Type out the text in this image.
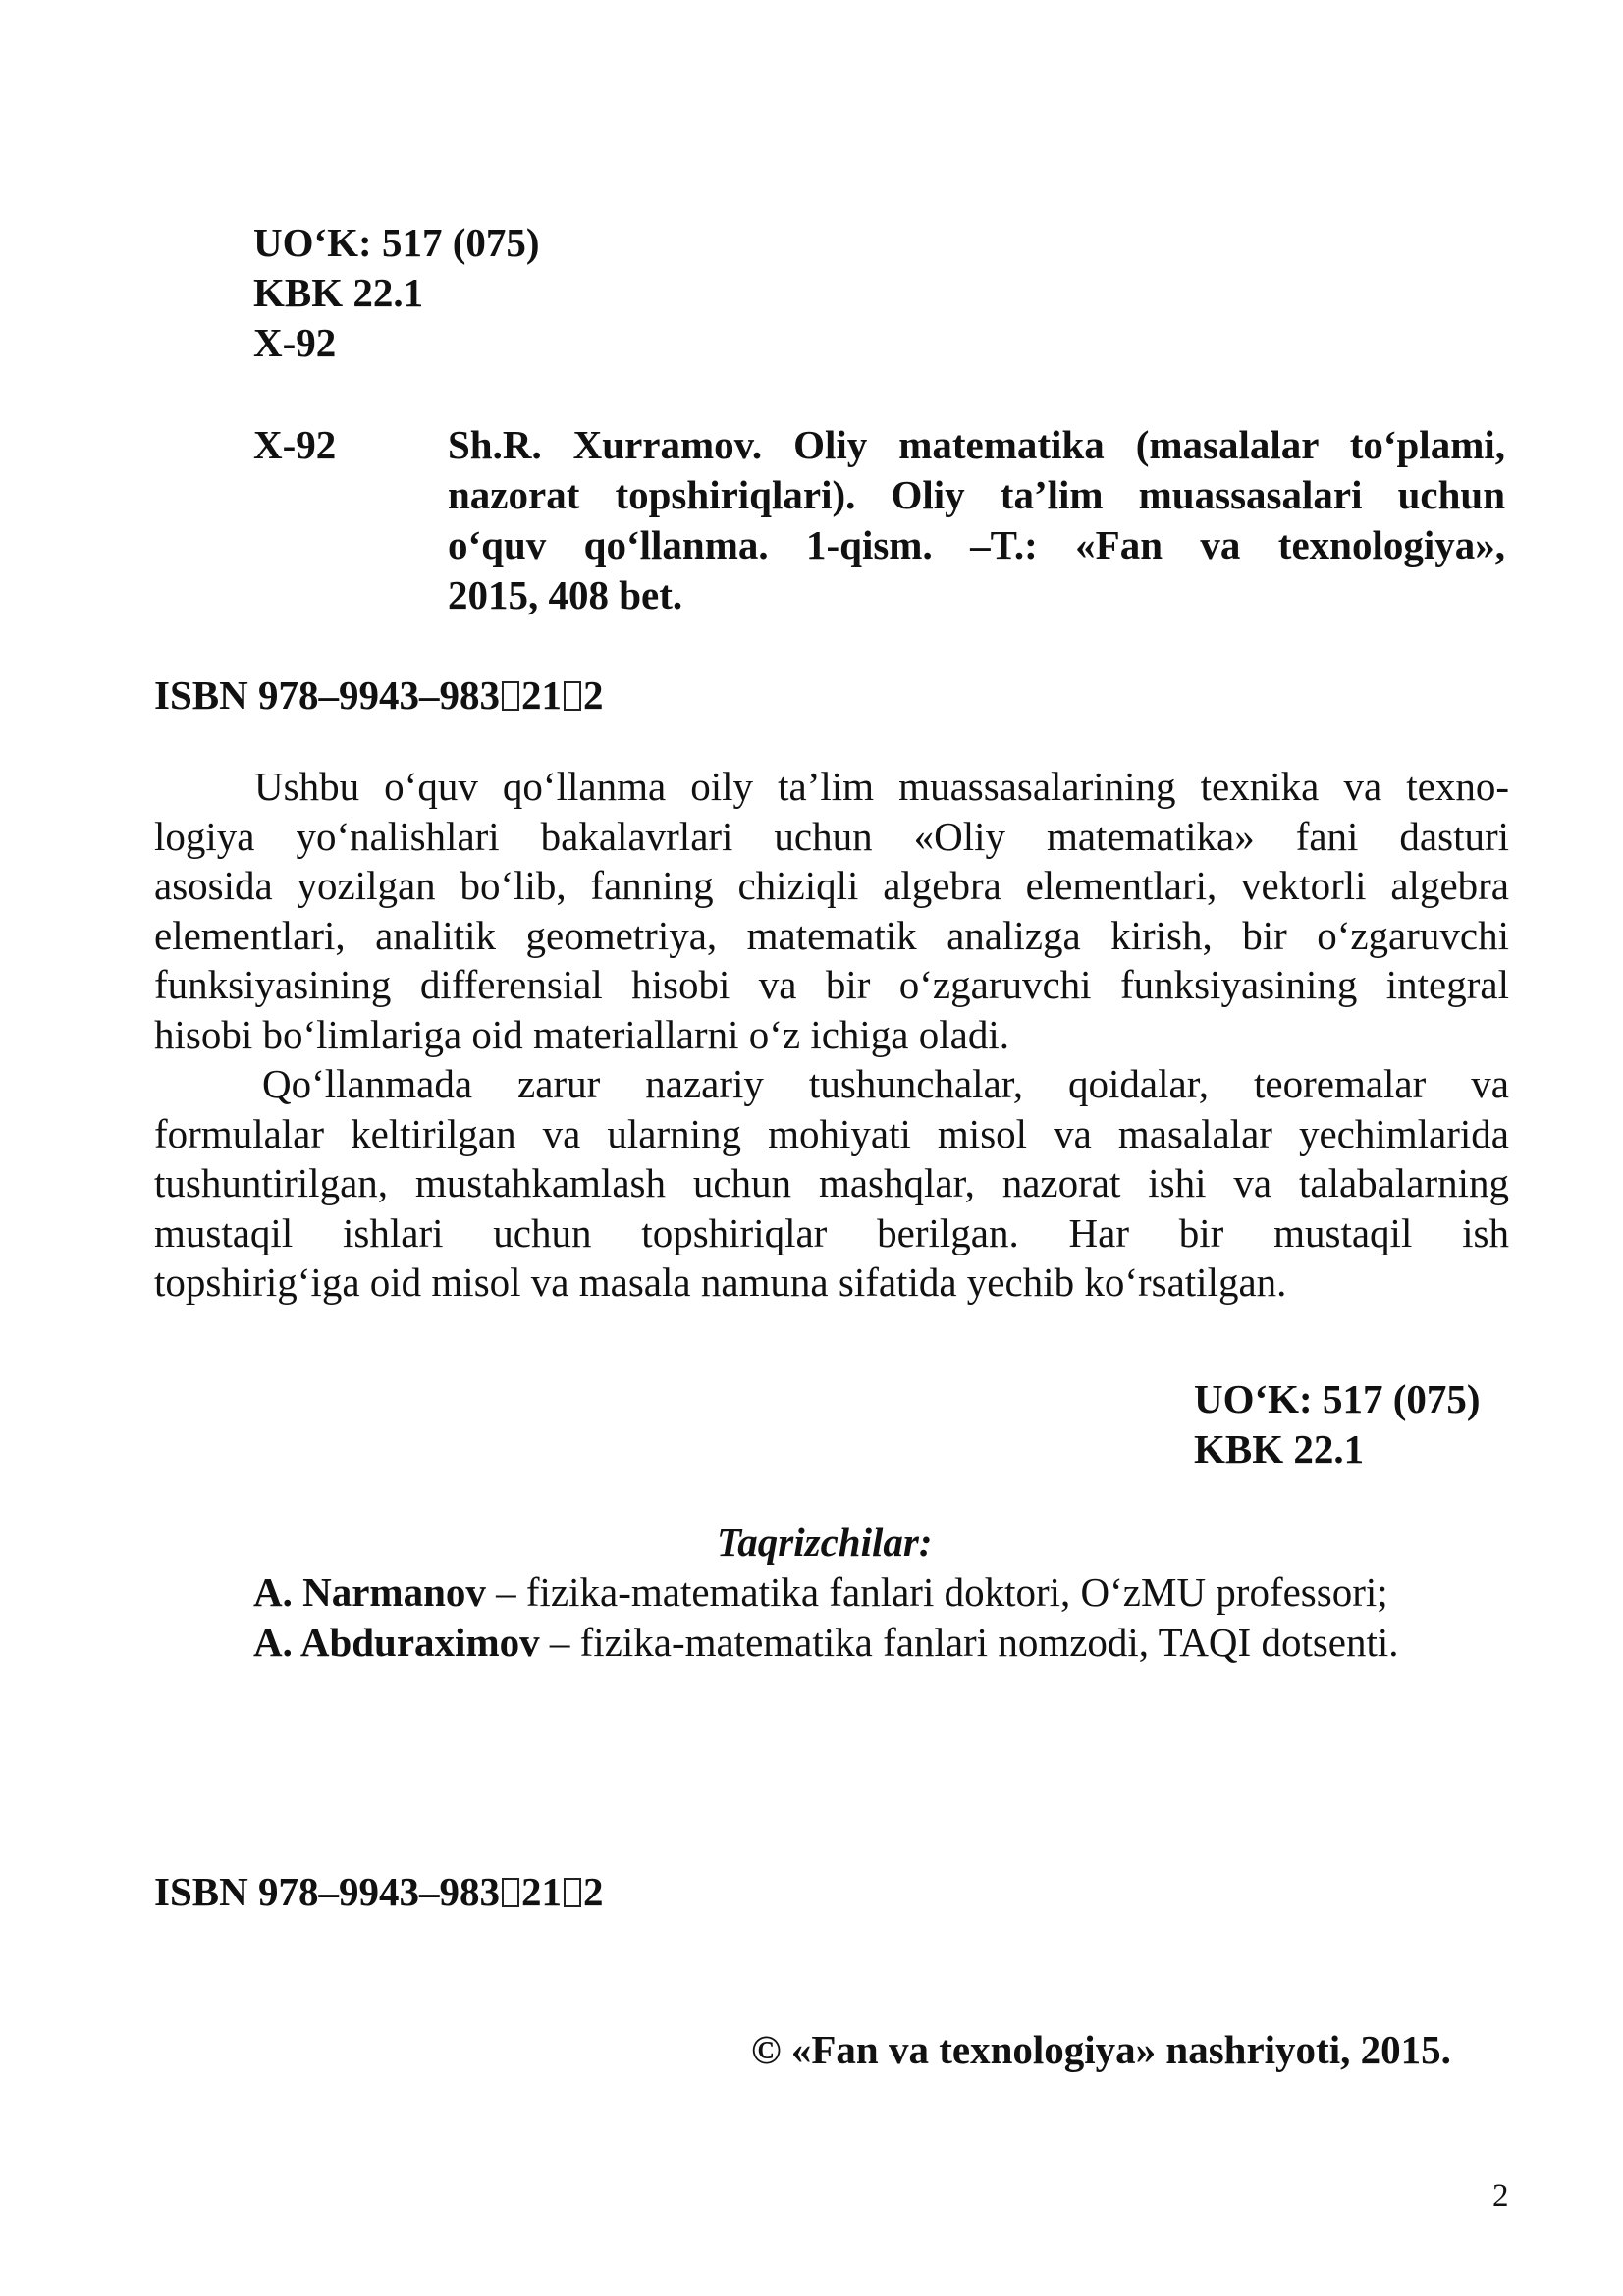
UO‘K: 517 (075)
KBK 22.1
X-92
X-92	Sh.R. Xurramov. Oliy matematika (masalalar to‘plami,
nazorat topshiriqlari). Oliy ta’lim muassasalari uchun
o‘quv qo‘llanma. 1-qism. –T.: «Fan va texnologiya»,
2015, 408 bet.
ISBN 978–9943–983 21 2
Ushbu o‘quv qo‘llanma oily ta’lim muassasalarining texnika va texno-
logiya yo‘nalishlari bakalavrlari uchun «Oliy matematika» fani dasturi
asosida yozilgan bo‘lib, fanning chiziqli algebra elementlari, vektorli algebra
elementlari, analitik geometriya, matematik analizga kirish, bir o‘zgaruvchi
funksiyasining differensial hisobi va bir o‘zgaruvchi funksiyasining integral
hisobi bo‘limlariga oid materiallarni o‘z ichiga oladi.
Qo‘llanmada zarur nazariy tushunchalar, qoidalar, teoremalar va
formulalar keltirilgan va ularning mohiyati misol va masalalar yechimlarida
tushuntirilgan, mustahkamlash uchun mashqlar, nazorat ishi va talabalarning
mustaqil ishlari uchun topshiriqlar berilgan. Har bir mustaqil ish
topshirig‘iga oid misol va masala namuna sifatida yechib ko‘rsatilgan.
UO‘K: 517 (075)
KBK 22.1
Taqrizchilar:
A. Narmanov – fizika-matematika fanlari doktori, O‘zMU professori;
A. Abduraximov – fizika-matematika fanlari nomzodi, TAQI dotsenti.
ISBN 978–9943–983 21 2
© «Fan va texnologiya» nashriyoti, 2015.
2
